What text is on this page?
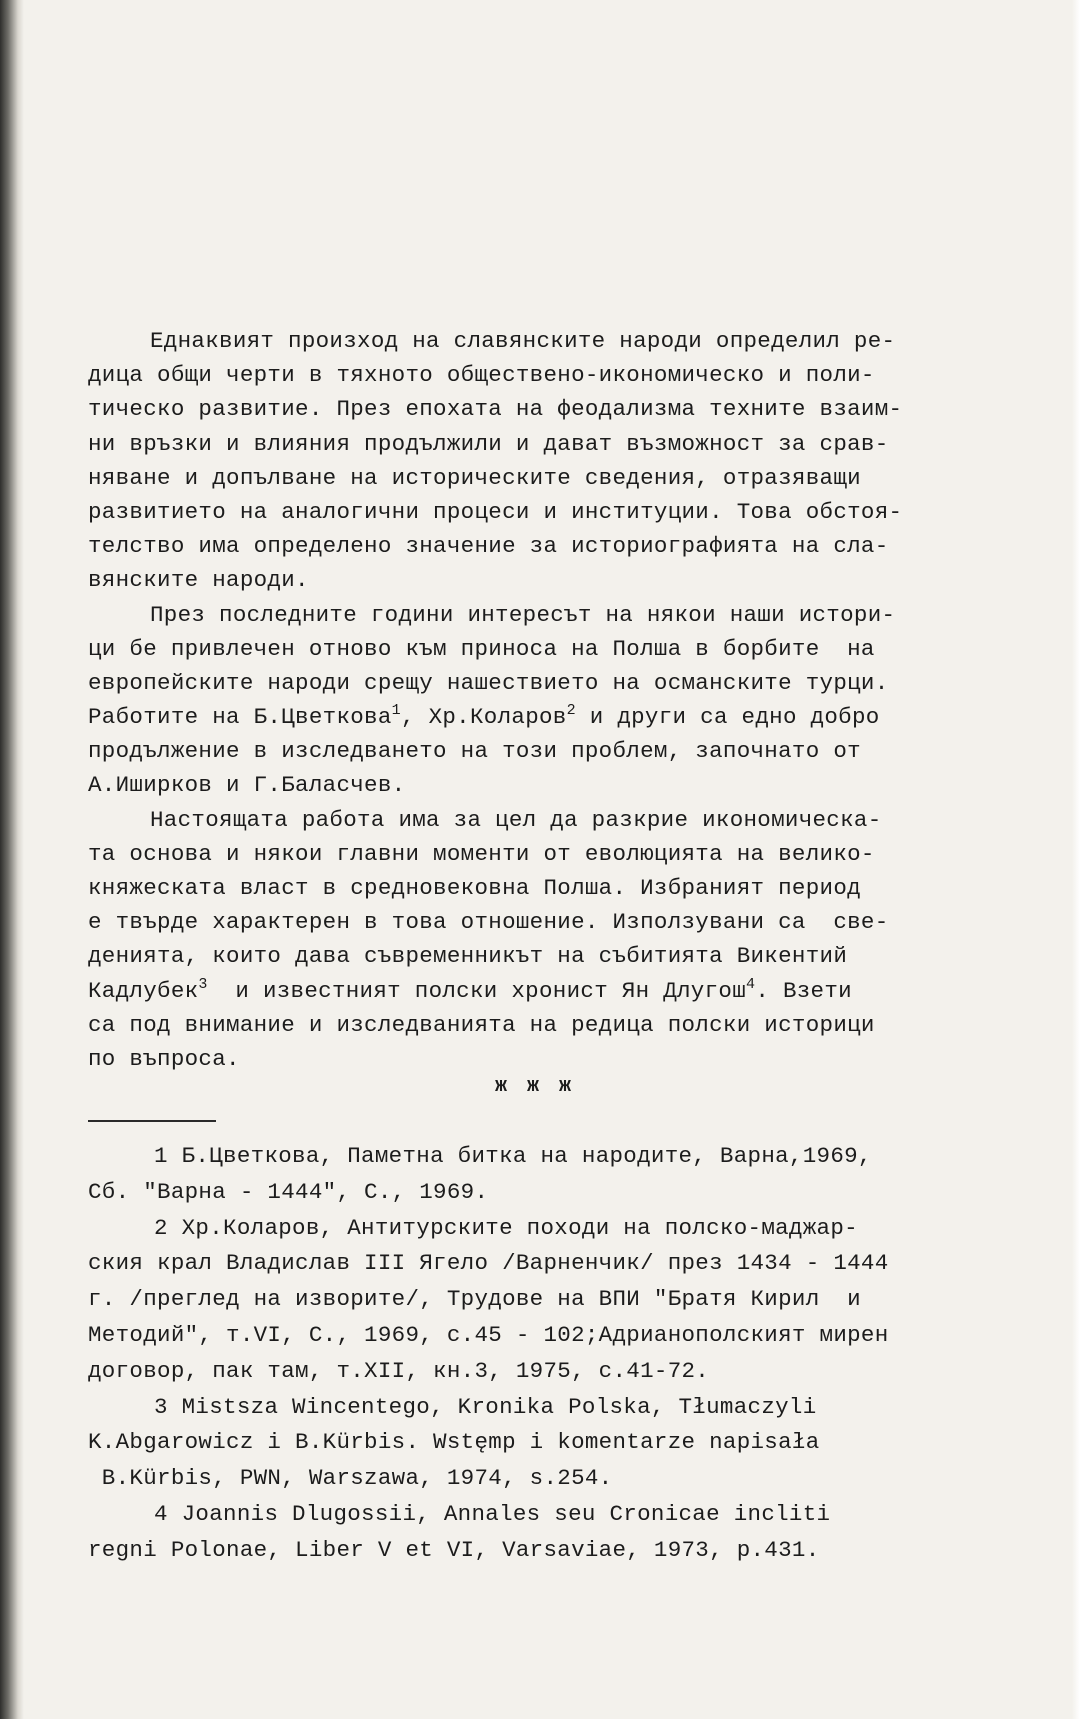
Еднаквият произход на славянските народи определил ре-
дица общи черти в тяхното обществено-икономическо и поли-
тическо развитие. През епохата на феодализма техните взаим-
ни връзки и влияния продължили и дават възможност за срав-
няване и допълване на историческите сведения, отразяващи
развитието на аналогични процеси и институции. Това обстоя-
телство има определено значение за историографията на сла-
вянските народи.
През последните години интересът на някои наши истори-
ци бе привлечен отново към приноса на Полша в борбите  на
европейските народи срещу нашествието на османските турци.
Работите на Б.Цветкова$^1$, Хр.Коларов$^2$ и други са едно добро
продължение в изследването на този проблем, започнато от
А.Иширков и Г.Баласчев.
Настоящата работа има за цел да разкрие икономическа-
та основа и някои главни моменти от еволюцията на велико-
княжеската власт в средновековна Полша. Избраният период
е твърде характерен в това отношение. Използувани са  све-
денията, които дава съвременникът на събитията Викентий
Кадлубек$^3$  и известният полски хронист Ян Длугош$^4$. Взети
са под внимание и изследванията на редица полски историци
по въпроса.
ж ж ж
1 Б.Цветкова, Паметна битка на народите, Варна,1969,
Сб. "Варна - 1444", С., 1969.
2 Хр.Коларов, Антитурските походи на полско-маджар-
ския крал Владислав III Ягело /Варненчик/ през 1434 - 1444
г. /преглед на изворите/, Трудове на ВПИ "Братя Кирил  и
Методий", т.VI, С., 1969, с.45 - 102;Адрианополският мирен
договор, пак там, т.XII, кн.3, 1975, с.41-72.
3 Mistsza Wincentego, Kronika Polska, Tłumaczyli
K.Abgarowicz i B.Kürbis. Wstęmp i komentarze napisała
B.Kürbis, PWN, Warszawa, 1974, s.254.
4 Joannis Dlugossii, Annales seu Cronicae incliti
regni Polonae, Liber V et VI, Varsaviae, 1973, p.431.
